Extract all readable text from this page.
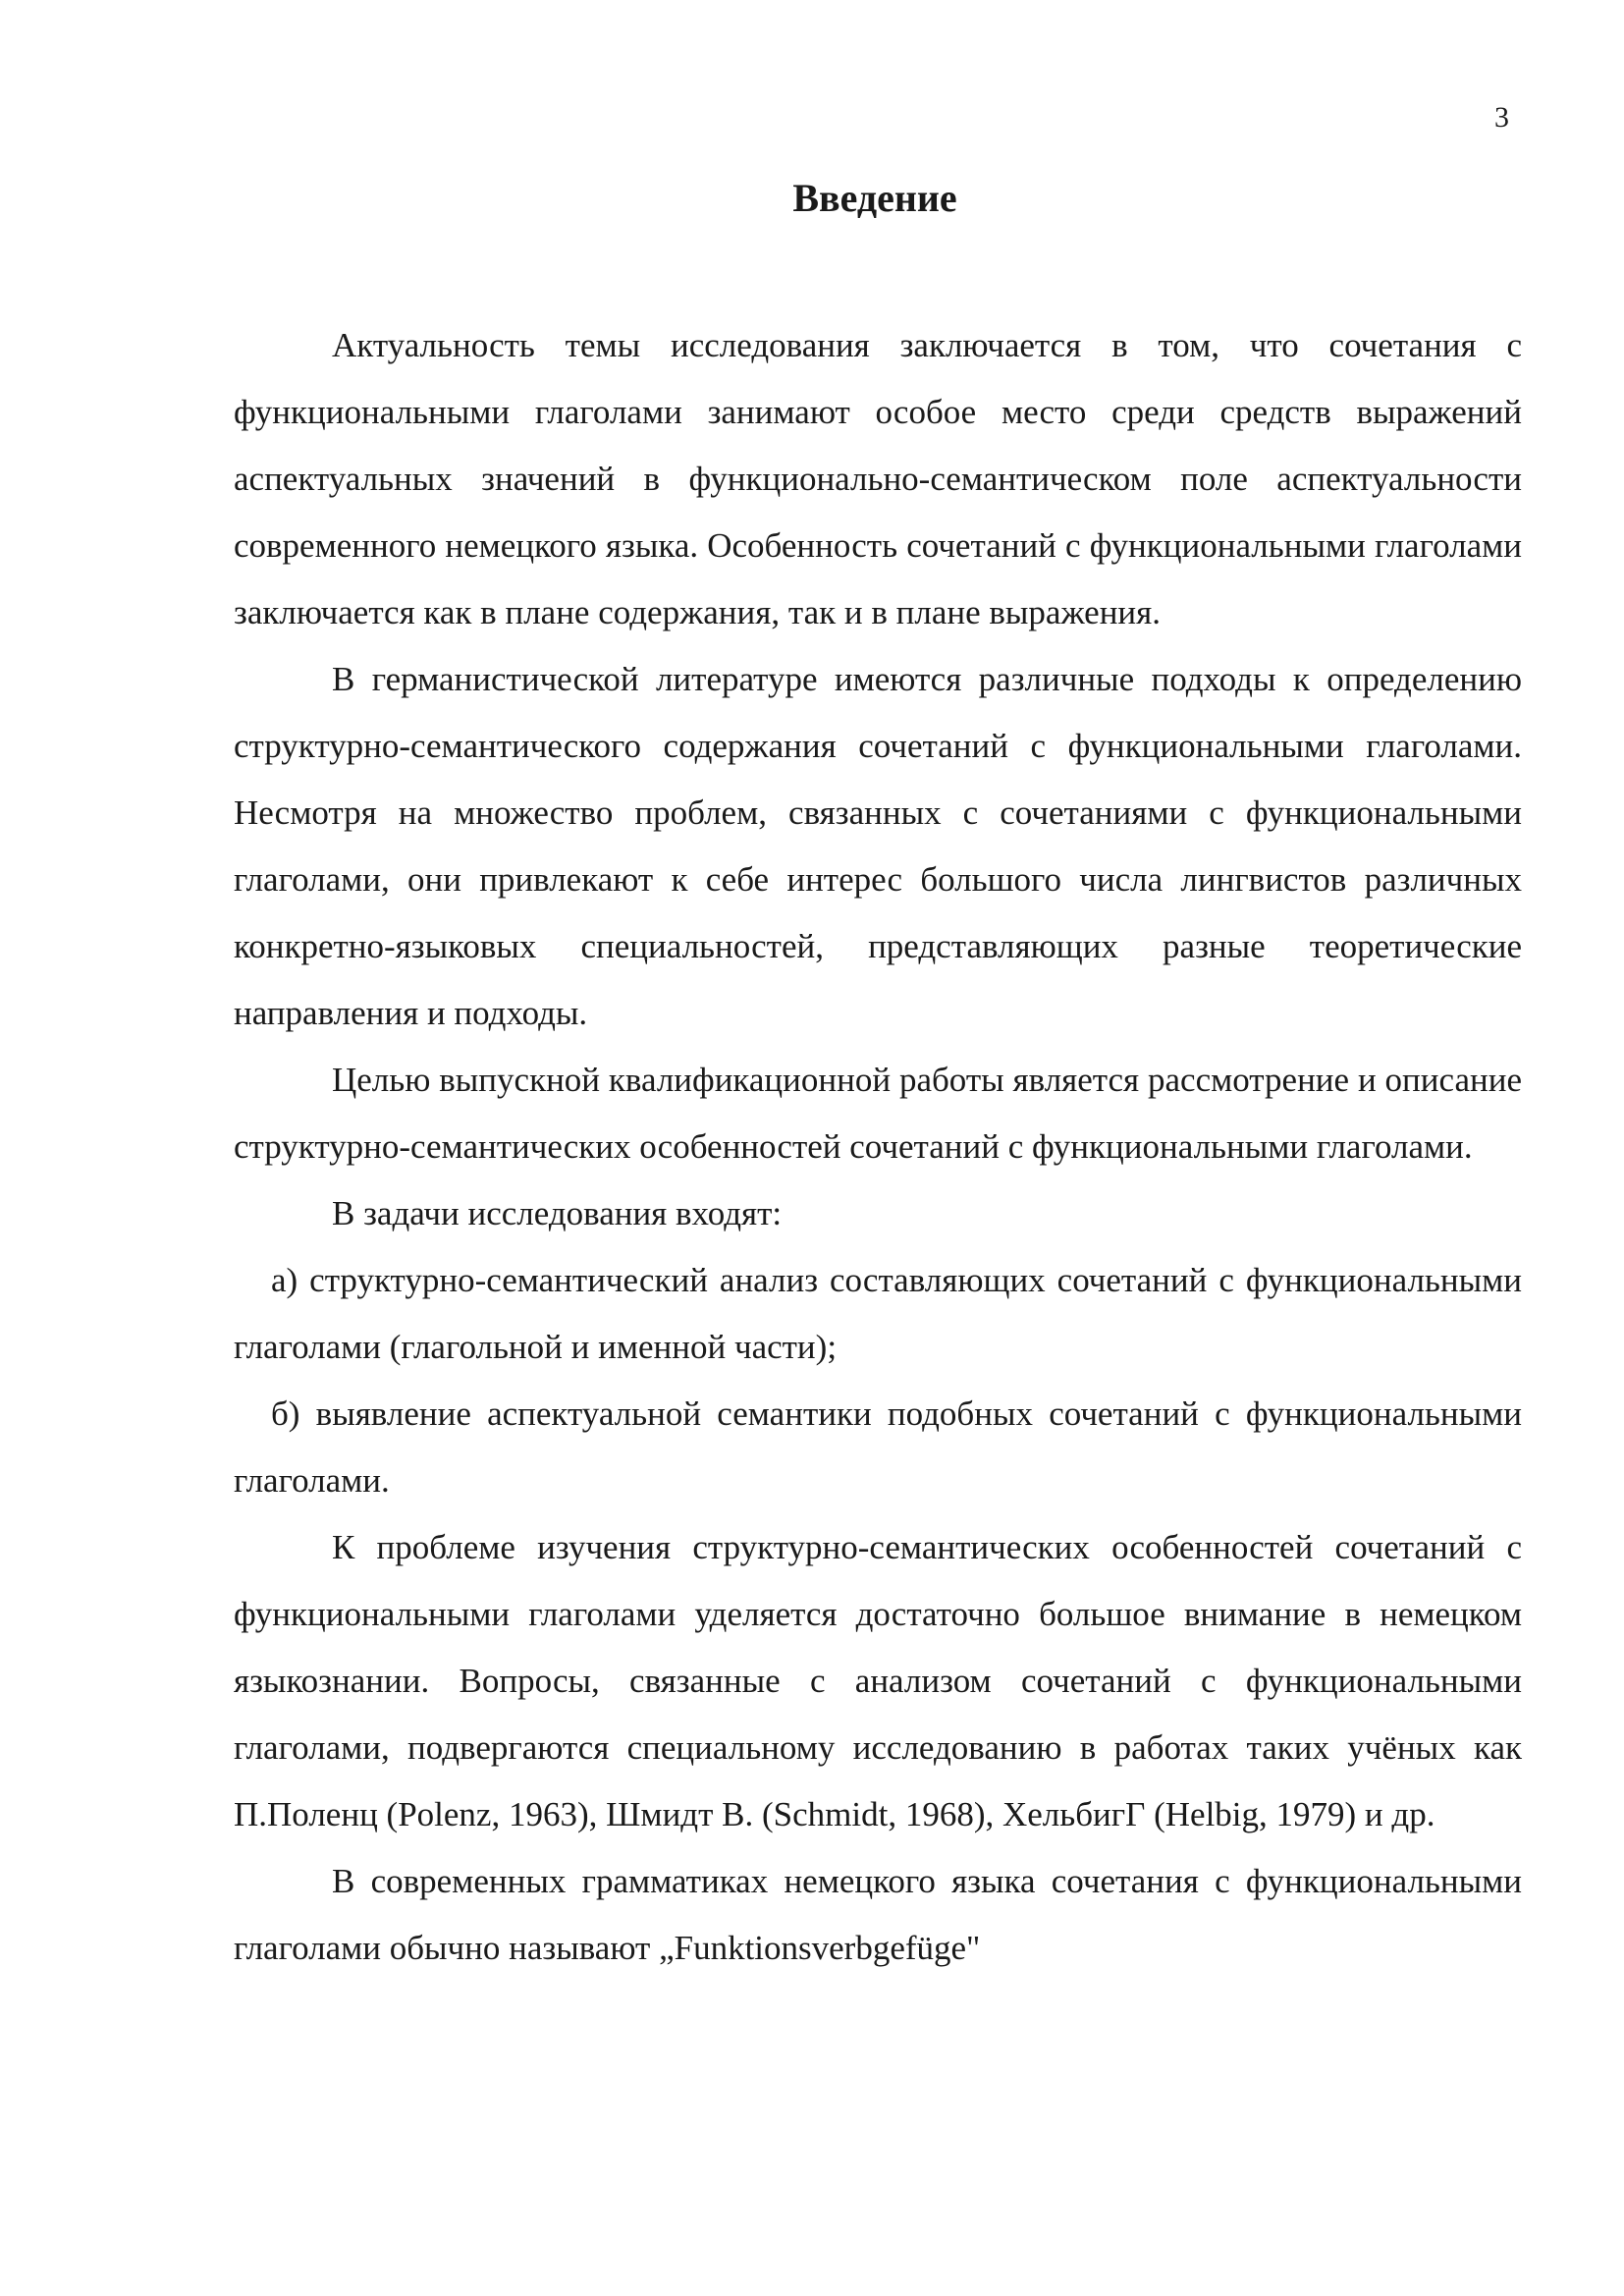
3
Введение

Актуальность темы исследования заключается в том, что сочетания с функциональными глаголами занимают особое место среди средств выражений аспектуальных значений в функционально-семантическом поле аспектуальности современного немецкого языка. Особенность сочетаний с функциональными глаголами заключается как в плане содержания, так и в плане выражения.

В германистической литературе имеются различные подходы к определению структурно-семантического содержания сочетаний с функциональными глаголами. Несмотря на множество проблем, связанных с сочетаниями с функциональными глаголами, они привлекают к себе интерес большого числа лингвистов различных конкретно-языковых специальностей, представляющих разные теоретические направления и подходы.

Целью выпускной квалификационной работы является рассмотрение и описание структурно-семантических особенностей сочетаний с функциональными глаголами.

В задачи исследования входят:

а) структурно-семантический анализ составляющих сочетаний с функциональными глаголами (глагольной и именной части);

б) выявление аспектуальной семантики подобных сочетаний с функциональными глаголами.

К проблеме изучения структурно-семантических особенностей сочетаний с функциональными глаголами уделяется достаточно большое внимание в немецком языкознании. Вопросы, связанные с анализом сочетаний с функциональными глаголами, подвергаются специальному исследованию в работах таких учёных как П.Поленц (Polenz, 1963), Шмидт В. (Schmidt, 1968), ХельбигГ (Helbig, 1979) и др.

В современных грамматиках немецкого языка сочетания с функциональными глаголами обычно называют „Funktionsverbgefüge"
